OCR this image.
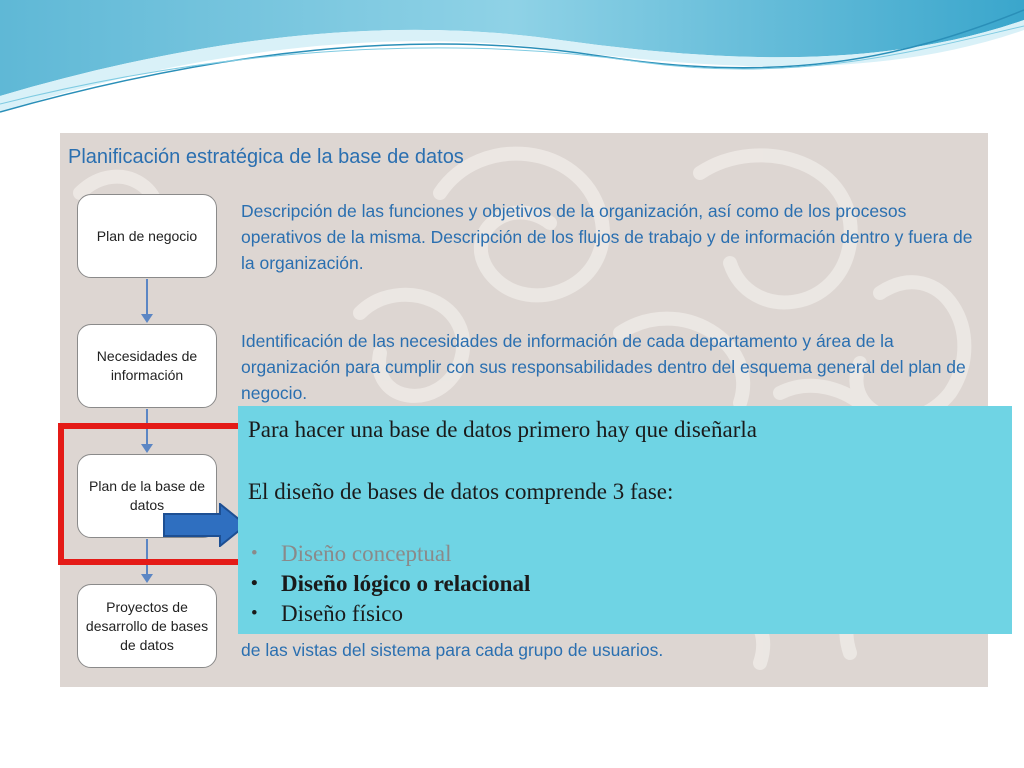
Planificación estratégica de la base de datos
Plan de negocio
Descripción de las funciones y objetivos de la organización, así como de los procesos operativos de la misma. Descripción de los flujos de trabajo y de información dentro y fuera de la organización.
Necesidades de información
Identificación de las necesidades de información de cada departamento y área de la organización para cumplir con sus responsabilidades dentro del esquema general del plan de negocio.
Plan de la base de datos
Proyectos de desarrollo de bases de datos	de las vistas del sistema para cada grupo de usuarios.

Para hacer una base de datos primero hay que diseñarla

El diseño de bases de datos comprende 3 fase:

• Diseño conceptual
• Diseño lógico o relacional
• Diseño físico
